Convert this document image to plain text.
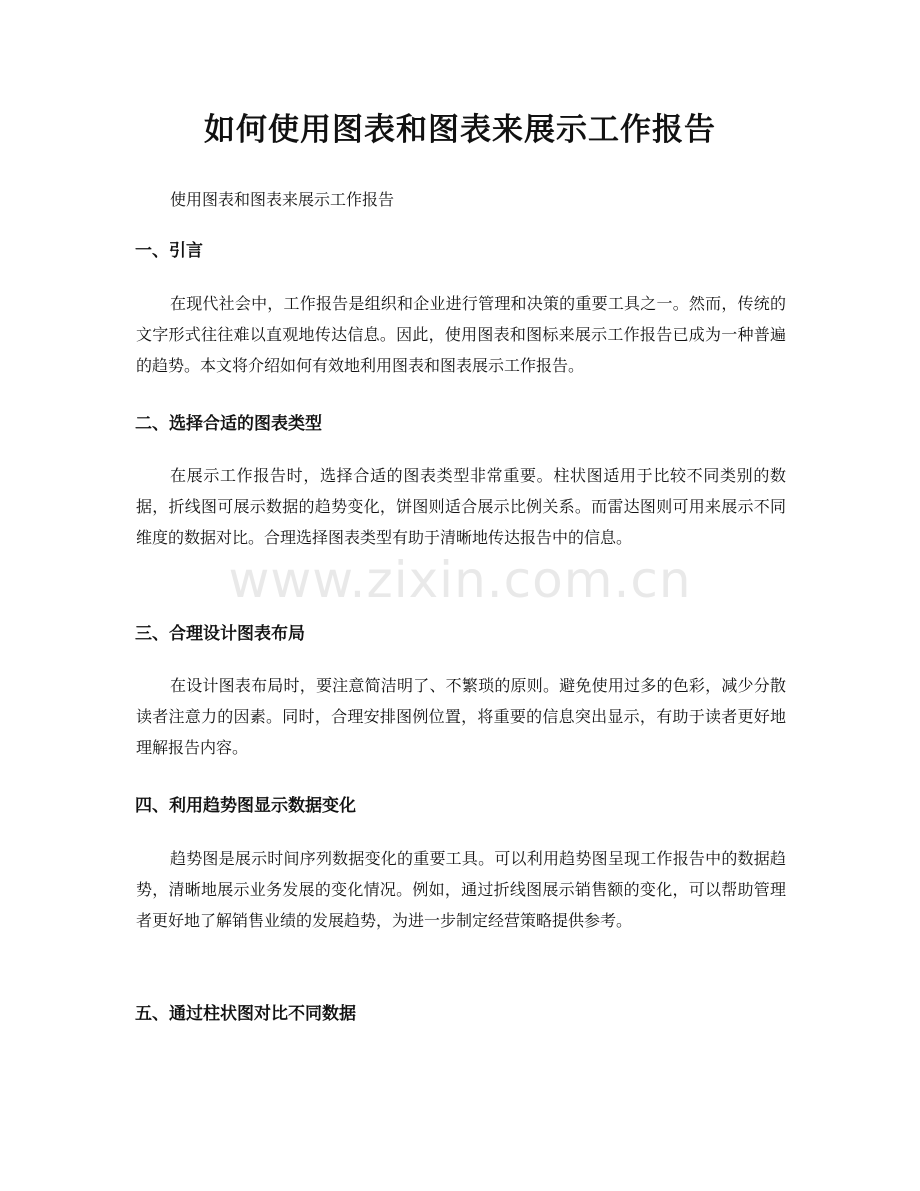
如何使用图表和图表来展示工作报告

使用图表和图表来展示工作报告

一、引言

在现代社会中，工作报告是组织和企业进行管理和决策的重要工具之一。然而，传统的文字形式往往难以直观地传达信息。因此，使用图表和图标来展示工作报告已成为一种普遍的趋势。本文将介绍如何有效地利用图表和图表展示工作报告。

二、选择合适的图表类型

在展示工作报告时，选择合适的图表类型非常重要。柱状图适用于比较不同类别的数据，折线图可展示数据的趋势变化，饼图则适合展示比例关系。而雷达图则可用来展示不同维度的数据对比。合理选择图表类型有助于清晰地传达报告中的信息。

三、合理设计图表布局

在设计图表布局时，要注意简洁明了、不繁琐的原则。避免使用过多的色彩，减少分散读者注意力的因素。同时，合理安排图例位置，将重要的信息突出显示，有助于读者更好地理解报告内容。

四、利用趋势图显示数据变化

趋势图是展示时间序列数据变化的重要工具。可以利用趋势图呈现工作报告中的数据趋势，清晰地展示业务发展的变化情况。例如，通过折线图展示销售额的变化，可以帮助管理者更好地了解销售业绩的发展趋势，为进一步制定经营策略提供参考。

五、通过柱状图对比不同数据
www.zixin.com.cn
